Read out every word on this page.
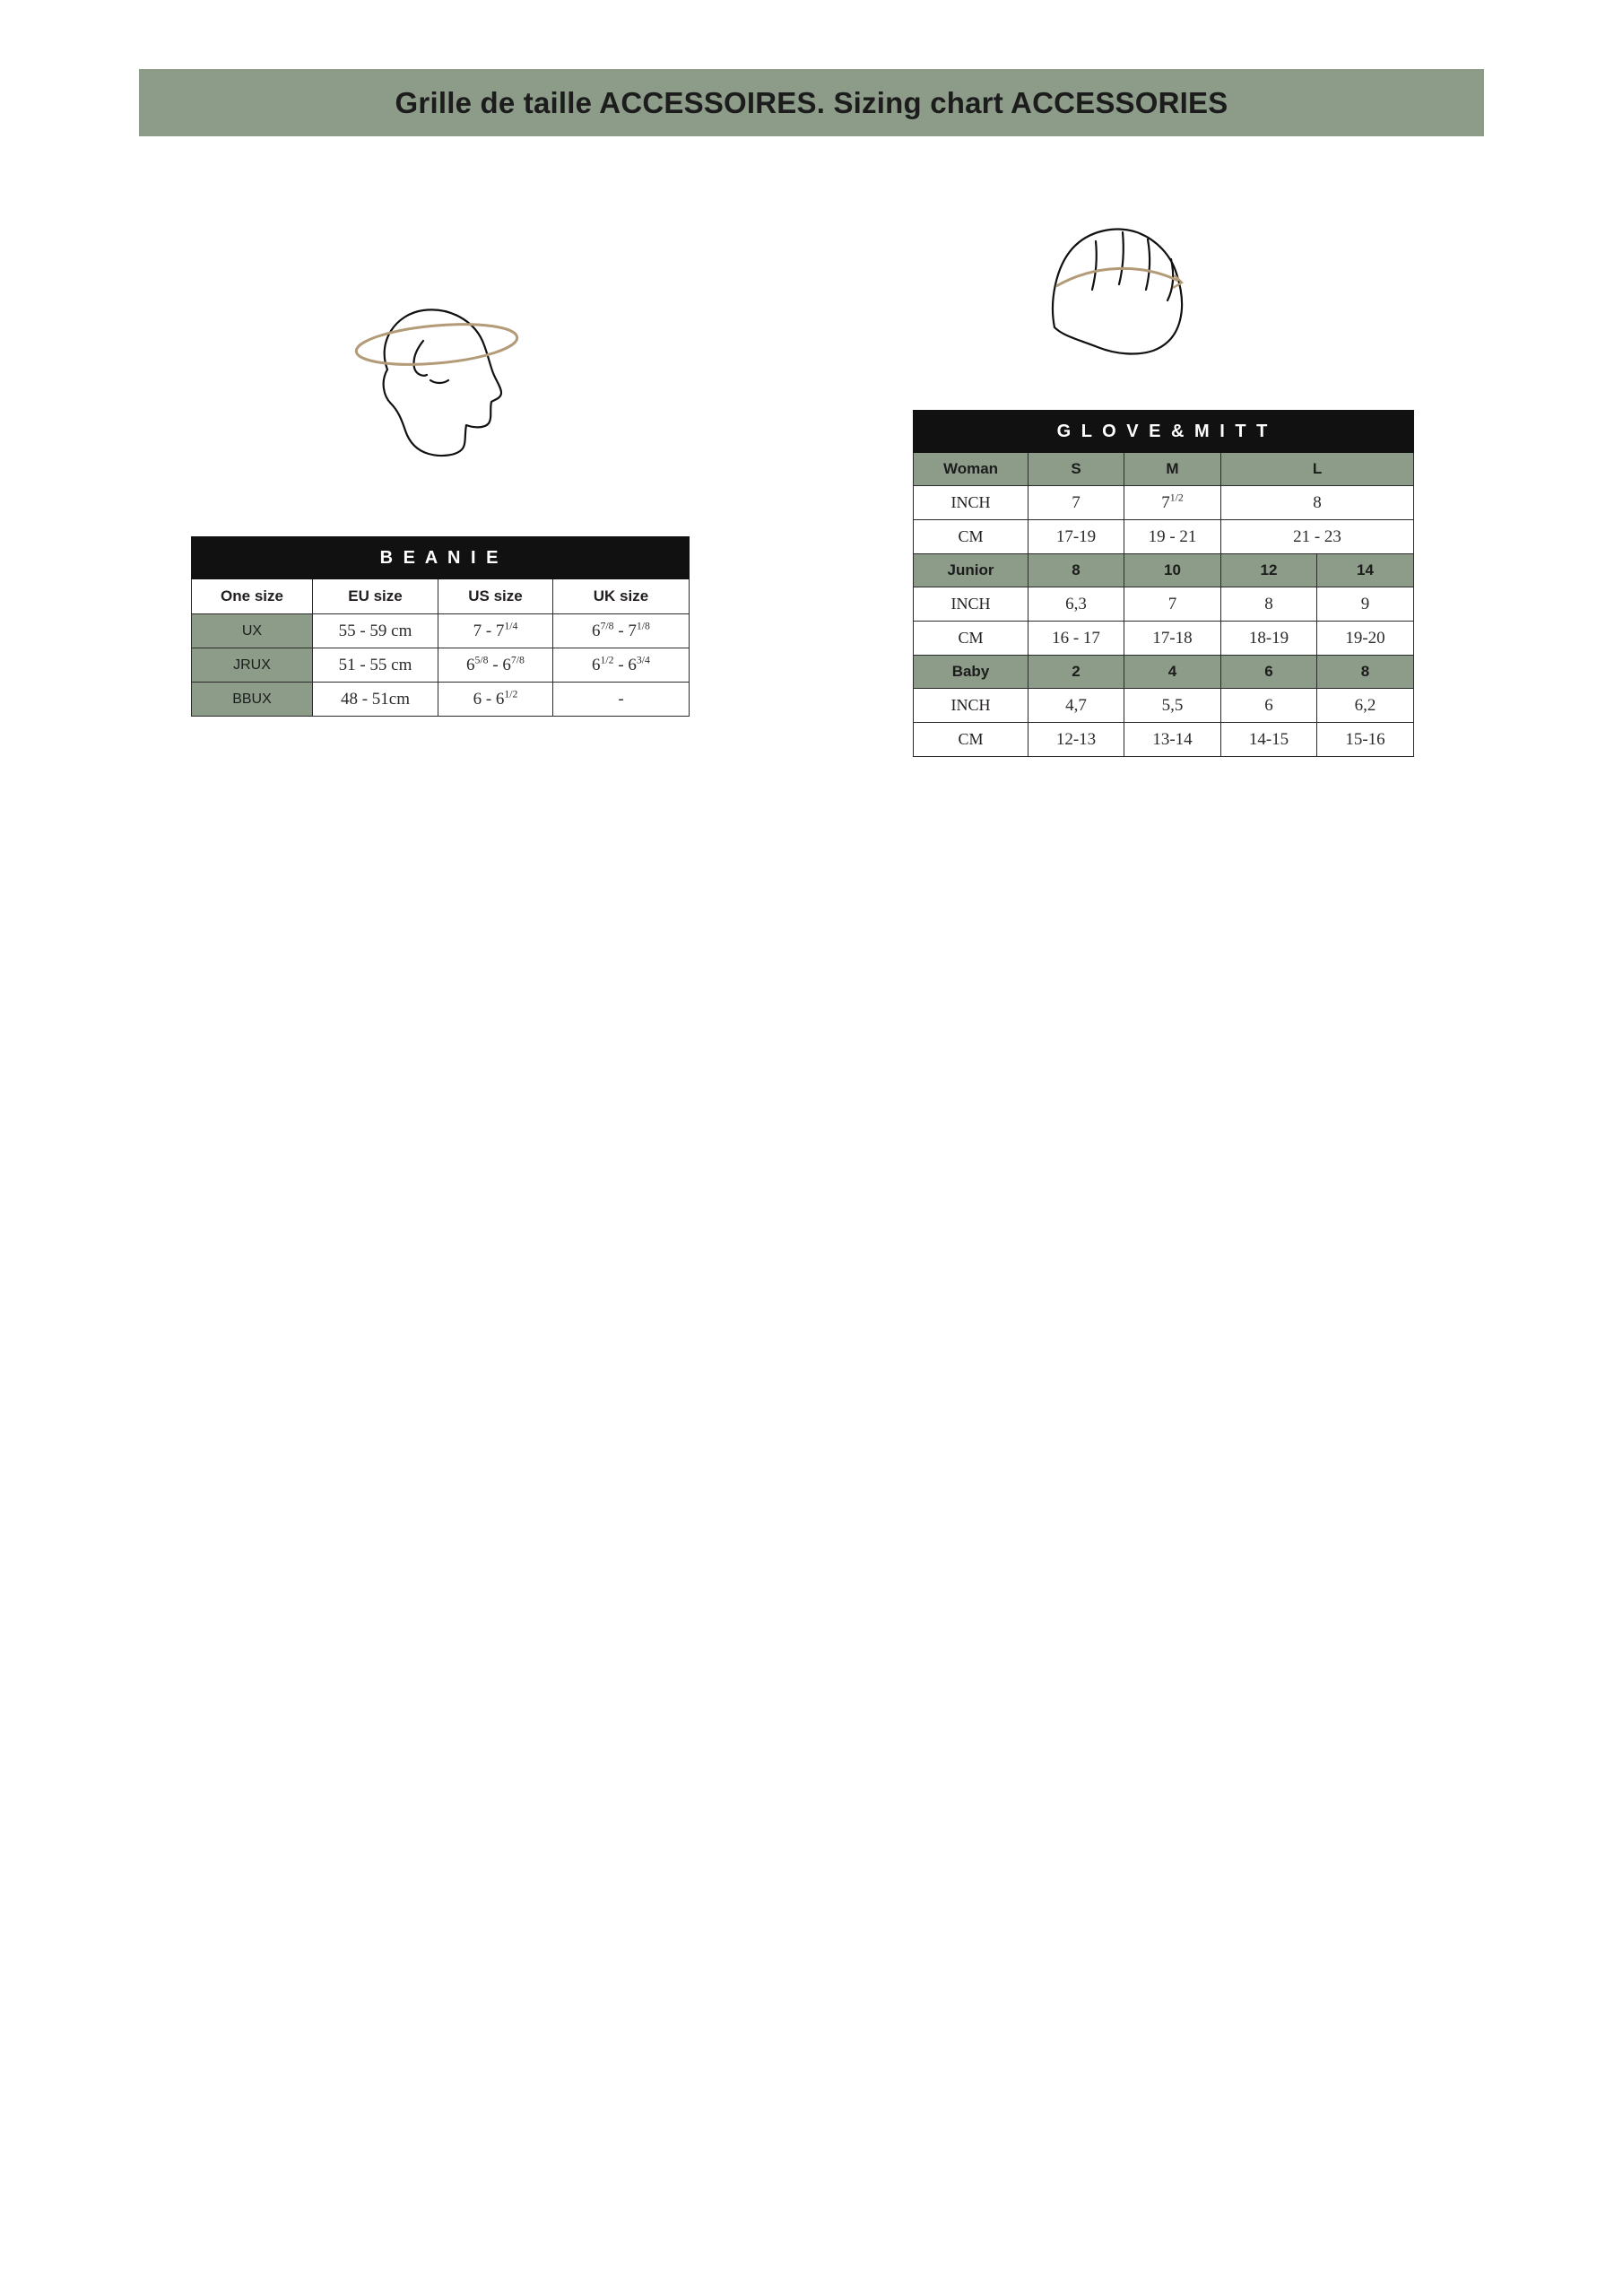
Grille de taille ACCESSOIRES. Sizing chart ACCESSORIES
B E A N I E			
One size	EU size	US size	UK size
UX	55 - 59 cm	$7 - 7^{1/4}$	$6^{7/8} - 7^{1/8}$
JRUX	51 - 55 cm	$6^{5/8} - 6^{7/8}$	$6^{1/2} - 6^{3/4}$
BBUX	48 - 51cm	$6 - 6^{1/2}$	-
G L O V E & M I T T				
Woman	S	M	L	
INCH	7	$7^{1/2}$	8	
CM	17-19	19 - 21	21 - 23	
Junior	8	10	12	14
INCH	6,3	7	8	9
CM	16 - 17	17-18	18-19	19-20
Baby	2	4	6	8
INCH	4,7	5,5	6	6,2
CM	12-13	13-14	14-15	15-16
